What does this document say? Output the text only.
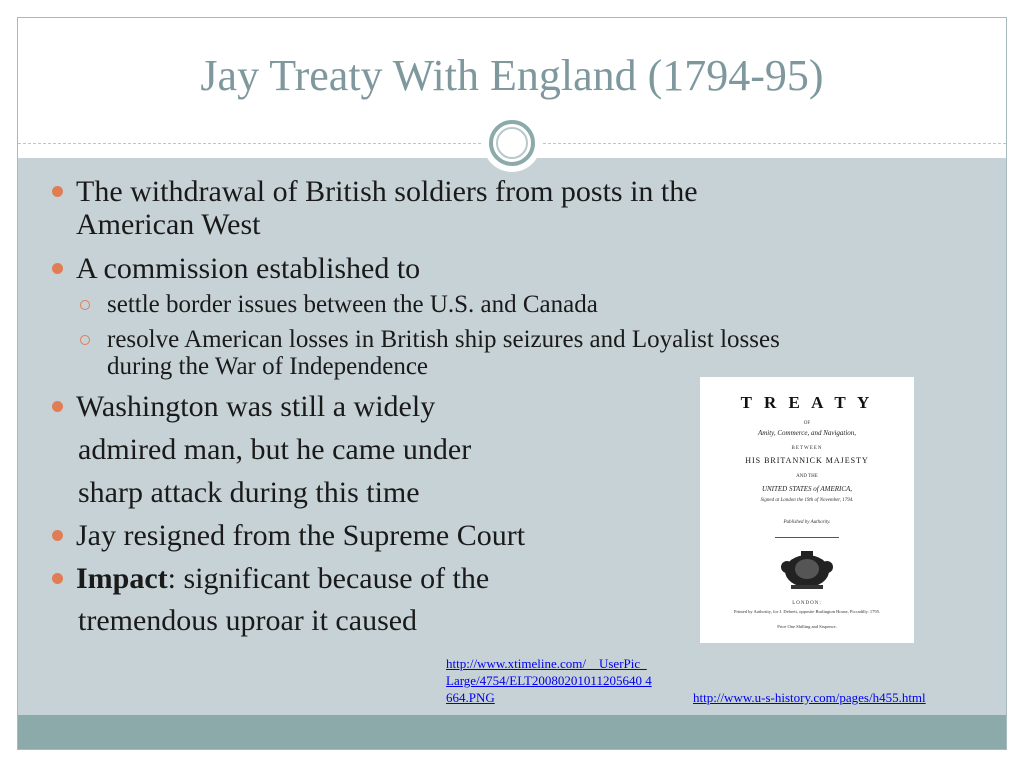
Jay Treaty With England (1794-95)
The withdrawal of British soldiers from posts in the
American West
A commission established to
settle border issues between the U.S. and Canada
resolve American losses in British ship seizures and Loyalist losses
during the War of Independence
Washington was still a widely
admired man, but he came under
sharp attack during this time
Jay resigned from the Supreme Court
Impact: significant because of the
tremendous uproar it caused
T R E A T Y
OF
Amity, Commerce, and Navigation,
BETWEEN
HIS BRITANNICK MAJESTY
AND THE
UNITED STATES of AMERICA,
Signed at London the 19th of November, 1794.
Published by Authority.
LONDON:
Printed by Authority, for J. Debrett, opposite Burlington House, Piccadilly. 1795.
Price One Shilling and Sixpence.
http://www.xtimeline.com/__UserPic_
Large/4754/ELT20080201011205640 4
664.PNG	http://www.u-s-history.com/pages/h455.html
